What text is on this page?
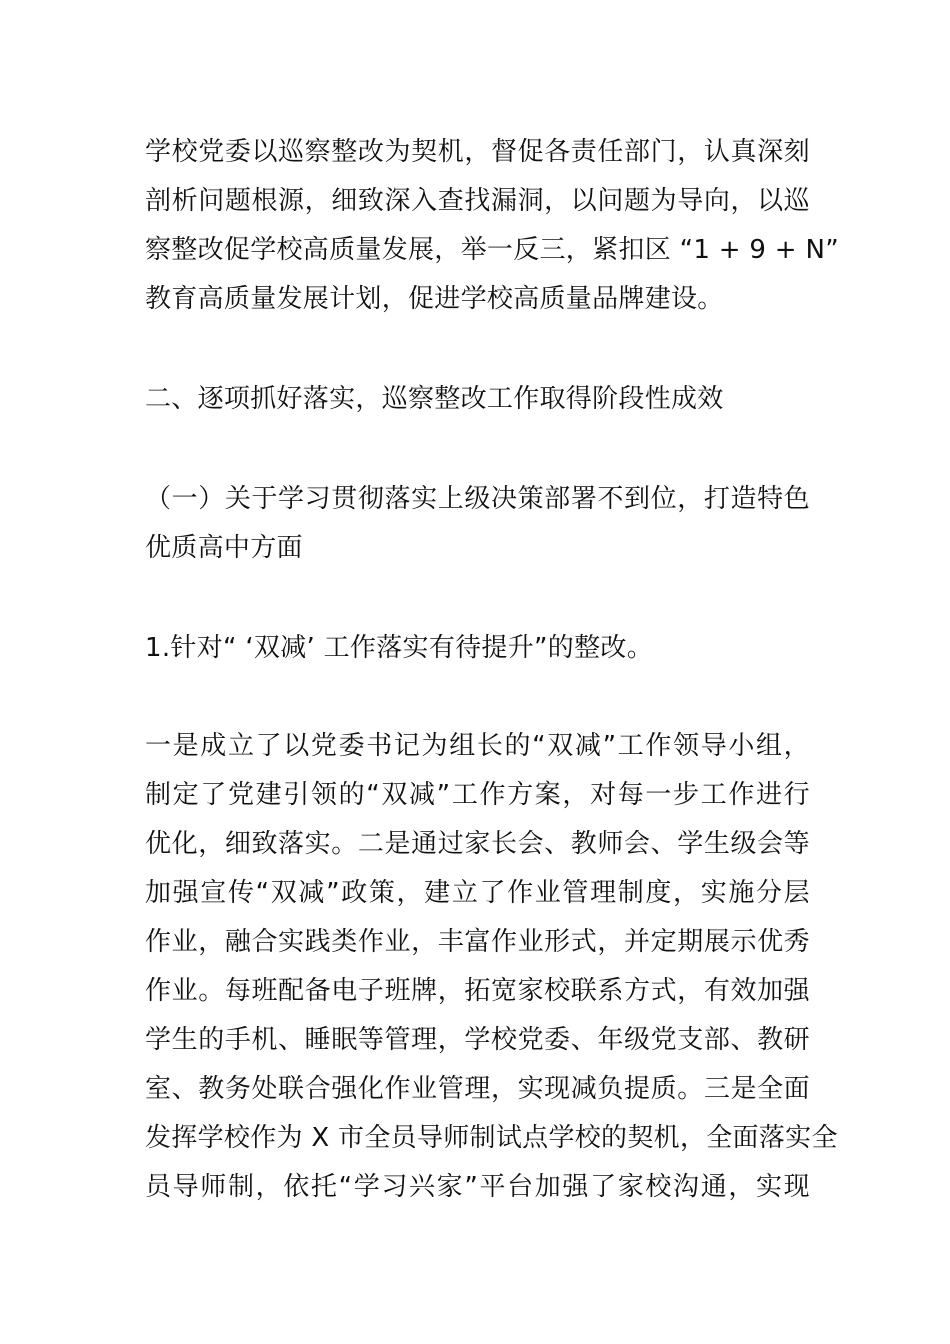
学校党委以巡察整改为契机，督促各责任部门，认真深刻
剖析问题根源，细致深入查找漏洞，以问题为导向，以巡
察整改促学校高质量发展，举一反三，紧扣区 “1 + 9 + N”
教育高质量发展计划，促进学校高质量品牌建设。

二、逐项抓好落实，巡察整改工作取得阶段性成效

（一）关于学习贯彻落实上级决策部署不到位，打造特色
优质高中方面

1.针对“ ‘双减’ 工作落实有待提升”的整改。

一是成立了以党委书记为组长的“双减”工作领导小组，
制定了党建引领的“双减”工作方案，对每一步工作进行
优化，细致落实。二是通过家长会、教师会、学生级会等
加强宣传“双减”政策，建立了作业管理制度，实施分层
作业，融合实践类作业，丰富作业形式，并定期展示优秀
作业。每班配备电子班牌，拓宽家校联系方式，有效加强
学生的手机、睡眠等管理，学校党委、年级党支部、教研
室、教务处联合强化作业管理，实现减负提质。三是全面
发挥学校作为 X 市全员导师制试点学校的契机，全面落实全
员导师制，依托“学习兴家”平台加强了家校沟通，实现
